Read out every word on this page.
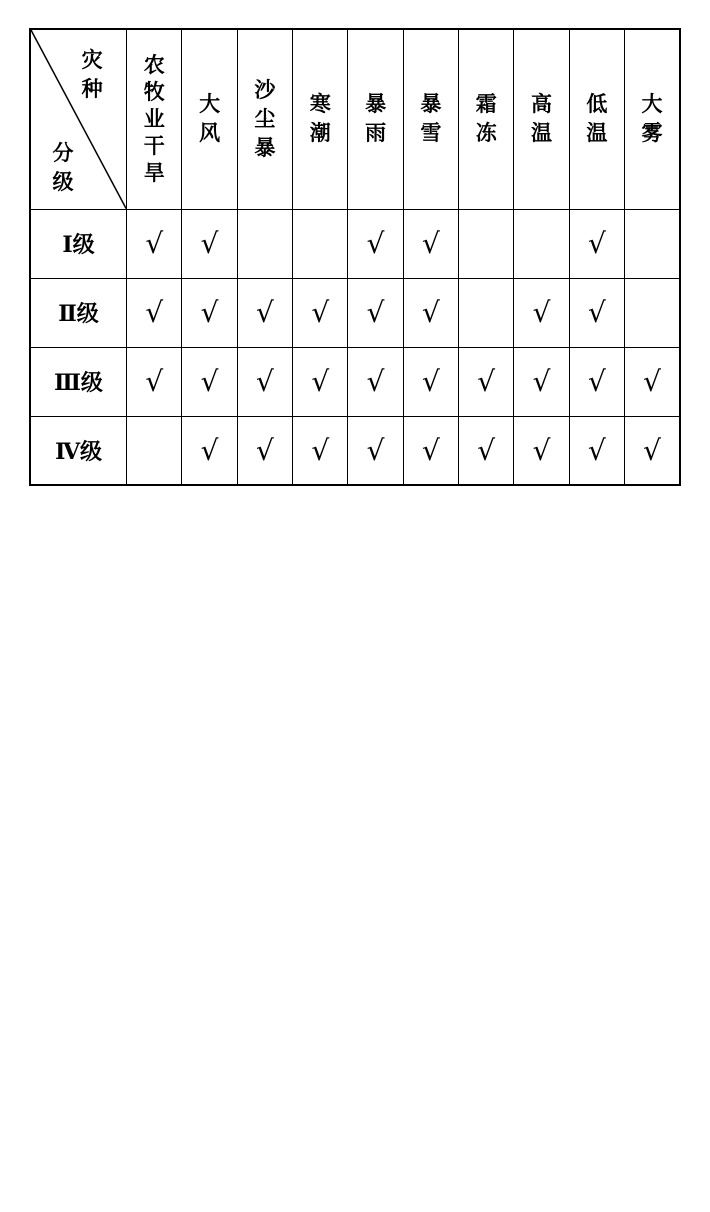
灾种
分级	农牧业干旱	大风	沙尘暴	寒潮	暴雨	暴雪	霜冻	高温	低温	大雾
Ⅰ级	√	√			√	√			√	
Ⅱ级	√	√	√	√	√	√		√	√	
Ⅲ级	√	√	√	√	√	√	√	√	√	√
Ⅳ级		√	√	√	√	√	√	√	√	√
